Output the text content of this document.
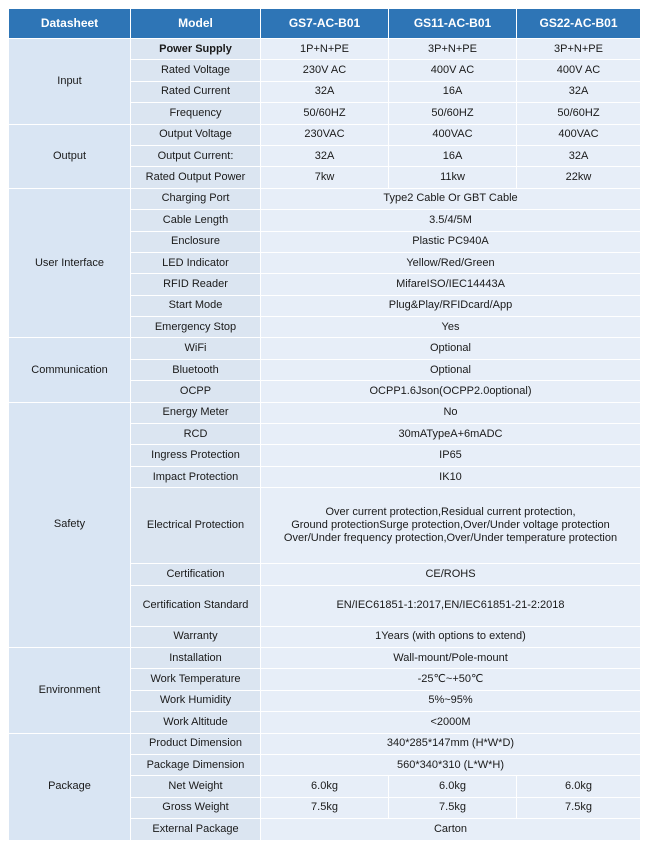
Datasheet	Model	GS7-AC-B01	GS11-AC-B01	GS22-AC-B01
Input	Power Supply	1P+N+PE	3P+N+PE	3P+N+PE
	Rated Voltage	230V AC	400V AC	400V AC
	Rated Current	32A	16A	32A
	Frequency	50/60HZ	50/60HZ	50/60HZ
Output	Output Voltage	230VAC	400VAC	400VAC
	Output Current:	32A	16A	32A
	Rated Output Power	7kw	11kw	22kw
User Interface	Charging Port	Type2 Cable Or GBT Cable		
	Cable Length	3.5/4/5M		
	Enclosure	Plastic PC940A		
	LED Indicator	Yellow/Red/Green		
	RFID Reader	MifareISO/IEC14443A		
	Start Mode	Plug&Play/RFIDcard/App		
	Emergency Stop	Yes		
Communication	WiFi	Optional		
	Bluetooth	Optional		
	OCPP	OCPP1.6Json(OCPP2.0optional)		
Safety	Energy Meter	No		
	RCD	30mATypeA+6mADC		
	Ingress Protection	IP65		
	Impact Protection	IK10		
	Electrical Protection	Over current protection,Residual current protection,
Ground protectionSurge protection,Over/Under voltage protection
Over/Under frequency protection,Over/Under temperature protection		

	Certification	CE/ROHS		
	Certification Standard	EN/IEC61851-1:2017,EN/IEC61851-21-2:2018		
	Warranty	1Years (with options to extend)		
Environment	Installation	Wall-mount/Pole-mount		
	Work Temperature	-25℃~+50℃		
	Work Humidity	5%~95%		
	Work Altitude	<2000M		
Package	Product Dimension	340*285*147mm (H*W*D)		
	Package Dimension	560*340*310 (L*W*H)		
	Net Weight	6.0kg	6.0kg	6.0kg
	Gross Weight	7.5kg	7.5kg	7.5kg
	External Package	Carton		
